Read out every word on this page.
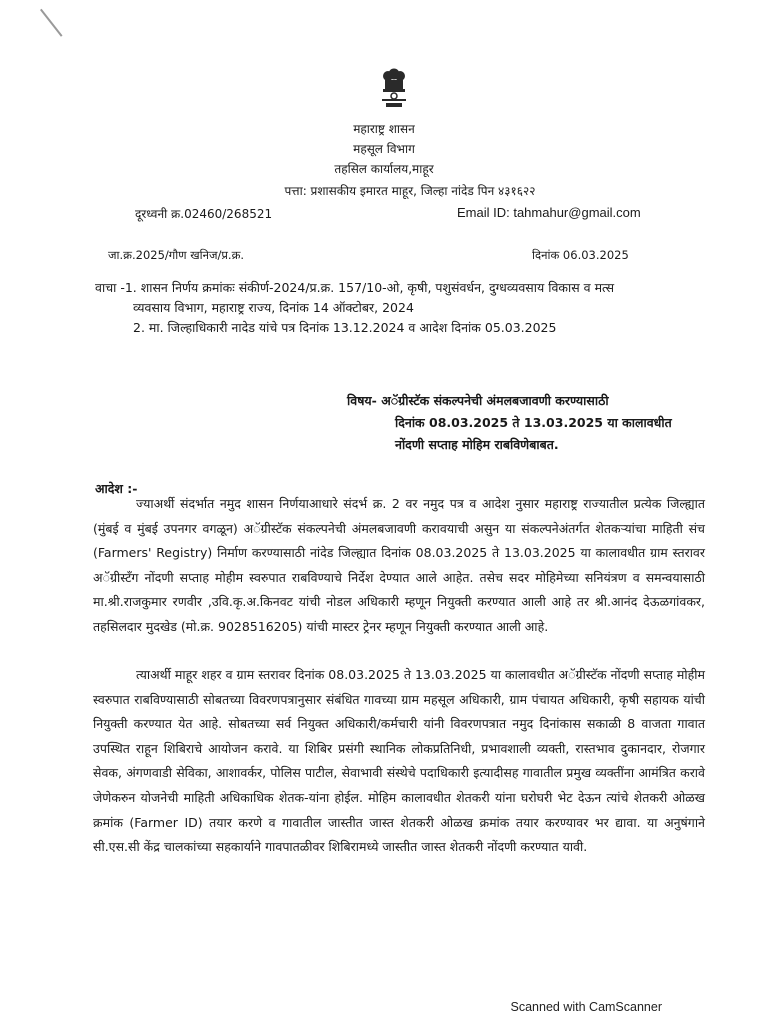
महाराष्ट्र शासन
महसूल विभाग
तहसिल कार्यालय,माहूर
पत्ता: प्रशासकीय इमारत माहूर, जिल्हा नांदेड पिन ४३१६२२
दूरध्वनी क्र.02460/268521	Email ID: tahmahur@gmail.com
जा.क्र.2025/गौण खनिज/प्र.क्र.	दिनांक 06.03.2025
वाचा -1. शासन निर्णय क्रमांकः संकीर्ण-2024/प्र.क्र. 157/10-ओ, कृषी, पशुसंवर्धन, दुग्धव्यवसाय विकास व मत्स
व्यवसाय विभाग, महाराष्ट्र राज्य, दिनांक 14 ऑक्टोबर, 2024
2. मा. जिल्हाधिकारी नादेड यांचे पत्र दिनांक 13.12.2024 व आदेश दिनांक 05.03.2025
विषय- अॅग्रीस्टॅक संकल्पनेची अंमलबजावणी करण्यासाठी
दिनांक 08.03.2025 ते 13.03.2025 या कालावधीत
नोंदणी सप्ताह मोहिम राबविणेबाबत.
आदेश :-
ज्याअर्थी संदर्भात नमुद शासन निर्णयाआधारे संदर्भ क्र. 2 वर नमुद पत्र व आदेश नुसार महाराष्ट्र राज्यातील प्रत्येक जिल्ह्यात (मुंबई व मुंबई उपनगर वगळून) अॅग्रीस्टॅक संकल्पनेची अंमलबजावणी करावयाची असुन या संकल्पनेअंतर्गत शेतकऱ्यांचा माहिती संच (Farmers' Registry) निर्माण करण्यासाठी नांदेड जिल्ह्यात दिनांक 08.03.2025 ते 13.03.2025 या कालावधीत ग्राम स्तरावर अॅग्रीस्टॅंग नोंदणी सप्ताह मोहीम स्वरुपात राबविण्याचे निर्देश देण्यात आले आहेत. तसेच सदर मोहिमेच्या सनियंत्रण व समन्वयासाठी मा.श्री.राजकुमार रणवीर ,उवि.कृ.अ.किनवट यांची नोडल अधिकारी म्हणून नियुक्ती करण्यात आली आहे तर श्री.आनंद देऊळगांवकर, तहसिलदार मुदखेड (मो.क्र. 9028516205) यांची मास्टर ट्रेनर म्हणून नियुक्ती करण्यात आली आहे.
त्याअर्थी माहूर शहर व ग्राम स्तरावर दिनांक 08.03.2025 ते 13.03.2025 या कालावधीत अॅग्रीस्टॅक नोंदणी सप्ताह मोहीम स्वरुपात राबविण्यासाठी सोबतच्या विवरणपत्रानुसार संबंधित गावच्या ग्राम महसूल अधिकारी, ग्राम पंचायत अधिकारी, कृषी सहायक यांची नियुक्ती करण्यात येत आहे. सोबतच्या सर्व नियुक्त अधिकारी/कर्मचारी यांनी विवरणपत्रात नमुद दिनांकास सकाळी 8 वाजता गावात उपस्थित राहून शिबिराचे आयोजन करावे. या शिबिर प्रसंगी स्थानिक लोकप्रतिनिधी, प्रभावशाली व्यक्ती, रास्तभाव दुकानदार, रोजगार सेवक, अंगणवाडी सेविका, आशावर्कर, पोलिस पाटील, सेवाभावी संस्थेचे पदाधिकारी इत्यादीसह गावातील प्रमुख व्यक्तींना आमंत्रित करावे जेणेकरुन योजनेची माहिती अधिकाधिक शेतक-यांना होईल. मोहिम कालावधीत शेतकरी यांना घरोघरी भेट देऊन त्यांचे शेतकरी ओळख क्रमांक (Farmer ID) तयार करणे व गावातील जास्तीत जास्त शेतकरी ओळख क्रमांक तयार करण्यावर भर द्यावा. या अनुषंगाने सी.एस.सी केंद्र चालकांच्या सहकार्याने गावपातळीवर शिबिरामध्ये जास्तीत जास्त शेतकरी नोंदणी करण्यात यावी.
Scanned with CamScanner
